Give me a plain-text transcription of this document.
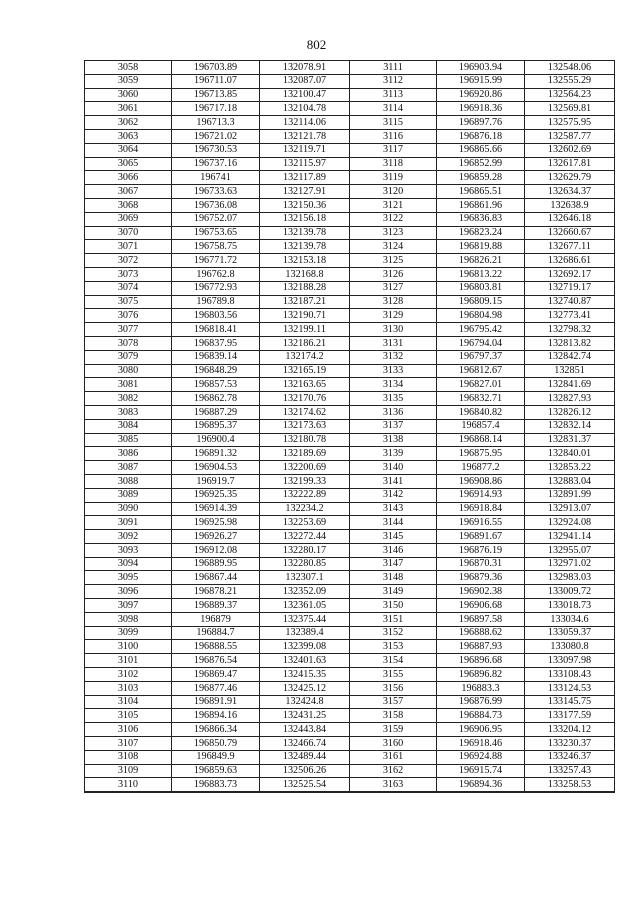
802
3058	196703.89	132078.91	3111	196903.94	132548.06
3059	196711.07	132087.07	3112	196915.99	132555.29
3060	196713.85	132100.47	3113	196920.86	132564.23
3061	196717.18	132104.78	3114	196918.36	132569.81
3062	196713.3	132114.06	3115	196897.76	132575.95
3063	196721.02	132121.78	3116	196876.18	132587.77
3064	196730.53	132119.71	3117	196865.66	132602.69
3065	196737.16	132115.97	3118	196852.99	132617.81
3066	196741	132117.89	3119	196859.28	132629.79
3067	196733.63	132127.91	3120	196865.51	132634.37
3068	196736.08	132150.36	3121	196861.96	132638.9
3069	196752.07	132156.18	3122	196836.83	132646.18
3070	196753.65	132139.78	3123	196823.24	132660.67
3071	196758.75	132139.78	3124	196819.88	132677.11
3072	196771.72	132153.18	3125	196826.21	132686.61
3073	196762.8	132168.8	3126	196813.22	132692.17
3074	196772.93	132188.28	3127	196803.81	132719.17
3075	196789.8	132187.21	3128	196809.15	132740.87
3076	196803.56	132190.71	3129	196804.98	132773.41
3077	196818.41	132199.11	3130	196795.42	132798.32
3078	196837.95	132186.21	3131	196794.04	132813.82
3079	196839.14	132174.2	3132	196797.37	132842.74
3080	196848.29	132165.19	3133	196812.67	132851
3081	196857.53	132163.65	3134	196827.01	132841.69
3082	196862.78	132170.76	3135	196832.71	132827.93
3083	196887.29	132174.62	3136	196840.82	132826.12
3084	196895.37	132173.63	3137	196857.4	132832.14
3085	196900.4	132180.78	3138	196868.14	132831.37
3086	196891.32	132189.69	3139	196875.95	132840.01
3087	196904.53	132200.69	3140	196877.2	132853.22
3088	196919.7	132199.33	3141	196908.86	132883.04
3089	196925.35	132222.89	3142	196914.93	132891.99
3090	196914.39	132234.2	3143	196918.84	132913.07
3091	196925.98	132253.69	3144	196916.55	132924.08
3092	196926.27	132272.44	3145	196891.67	132941.14
3093	196912.08	132280.17	3146	196876.19	132955.07
3094	196889.95	132280.85	3147	196870.31	132971.02
3095	196867.44	132307.1	3148	196879.36	132983.03
3096	196878.21	132352.09	3149	196902.38	133009.72
3097	196889.37	132361.05	3150	196906.68	133018.73
3098	196879	132375.44	3151	196897.58	133034.6
3099	196884.7	132389.4	3152	196888.62	133059.37
3100	196888.55	132399.08	3153	196887.93	133080.8
3101	196876.54	132401.63	3154	196896.68	133097.98
3102	196869.47	132415.35	3155	196896.82	133108.43
3103	196877.46	132425.12	3156	196883.3	133124.53
3104	196891.91	132424.8	3157	196876.99	133145.75
3105	196894.16	132431.25	3158	196884.73	133177.59
3106	196866.34	132443.84	3159	196906.95	133204.12
3107	196850.79	132466.74	3160	196918.46	133230.37
3108	196849.9	132489.44	3161	196924.88	133246.37
3109	196859.63	132506.26	3162	196915.74	133257.43
3110	196883.73	132525.54	3163	196894.36	133258.53
